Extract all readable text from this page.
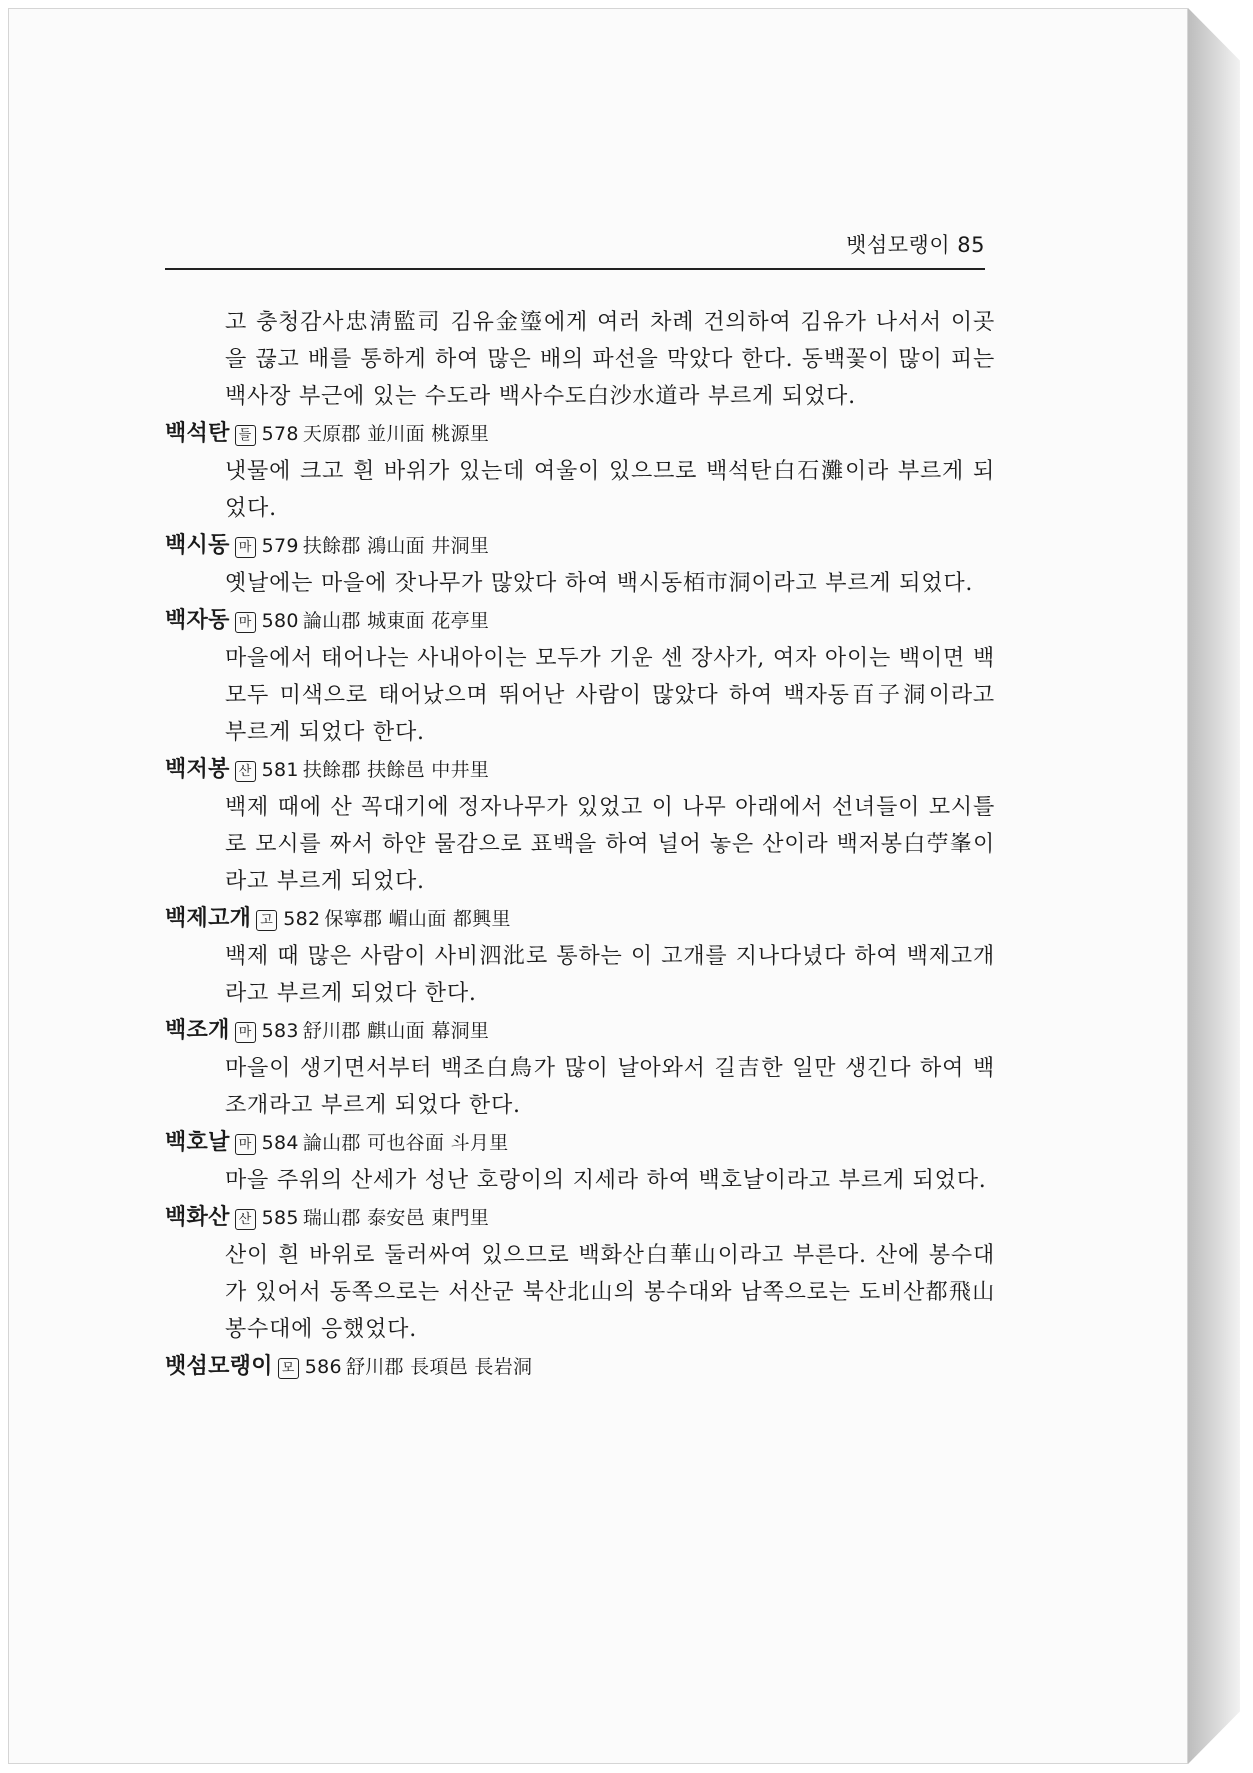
뱃섬모랭이 85

고 충청감사忠淸監司 김유金瑬에게 여러 차례 건의하여 김유가 나서서 이곳을 끊고 배를 통하게 하여 많은 배의 파선을 막았다 한다. 동백꽃이 많이 피는 백사장 부근에 있는 수도라 백사수도白沙水道라 부르게 되었다.

백석탄 들 578 天原郡 並川面 桃源里

냇물에 크고 흰 바위가 있는데 여울이 있으므로 백석탄白石灘이라 부르게 되었다.

백시동 마 579 扶餘郡 鴻山面 井洞里

옛날에는 마을에 잣나무가 많았다 하여 백시동栢市洞이라고 부르게 되었다.

백자동 마 580 論山郡 城東面 花亭里

마을에서 태어나는 사내아이는 모두가 기운 센 장사가, 여자 아이는 백이면 백 모두 미색으로 태어났으며 뛰어난 사람이 많았다 하여 백자동百子洞이라고 부르게 되었다 한다.

백저봉 산 581 扶餘郡 扶餘邑 中井里

백제 때에 산 꼭대기에 정자나무가 있었고 이 나무 아래에서 선녀들이 모시틀로 모시를 짜서 하얀 물감으로 표백을 하여 널어 놓은 산이라 백저봉白苧峯이라고 부르게 되었다.

백제고개 고 582 保寧郡 嵋山面 都興里

백제 때 많은 사람이 사비泗沘로 통하는 이 고개를 지나다녔다 하여 백제고개라고 부르게 되었다 한다.

백조개 마 583 舒川郡 麒山面 幕洞里

마을이 생기면서부터 백조白鳥가 많이 날아와서 길吉한 일만 생긴다 하여 백조개라고 부르게 되었다 한다.

백호날 마 584 論山郡 可也谷面 斗月里

마을 주위의 산세가 성난 호랑이의 지세라 하여 백호날이라고 부르게 되었다.

백화산 산 585 瑞山郡 泰安邑 東門里

산이 흰 바위로 둘러싸여 있으므로 백화산白華山이라고 부른다. 산에 봉수대가 있어서 동쪽으로는 서산군 북산北山의 봉수대와 남쪽으로는 도비산都飛山 봉수대에 응했었다.

뱃섬모랭이 모 586 舒川郡 長項邑 長岩洞
